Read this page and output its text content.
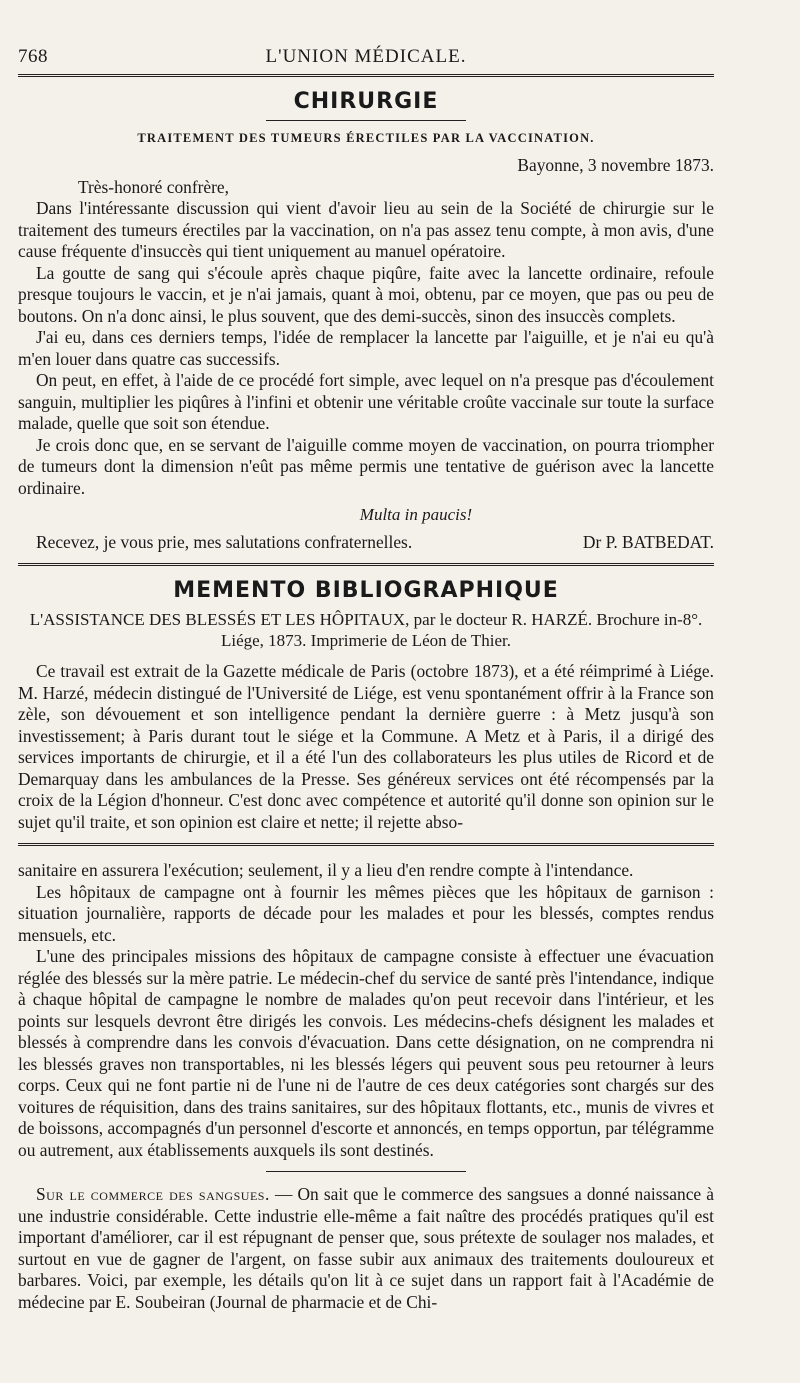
768	L'UNION MÉDICALE.
CHIRURGIE
TRAITEMENT DES TUMEURS ÉRECTILES PAR LA VACCINATION.
Bayonne, 3 novembre 1873.
Très-honoré confrère,

Dans l'intéressante discussion qui vient d'avoir lieu au sein de la Société de chirurgie sur le traitement des tumeurs érectiles par la vaccination, on n'a pas assez tenu compte, à mon avis, d'une cause fréquente d'insuccès qui tient uniquement au manuel opératoire.

La goutte de sang qui s'écoule après chaque piqûre, faite avec la lancette ordinaire, refoule presque toujours le vaccin, et je n'ai jamais, quant à moi, obtenu, par ce moyen, que pas ou peu de boutons. On n'a donc ainsi, le plus souvent, que des demi-succès, sinon des insuccès complets.

J'ai eu, dans ces derniers temps, l'idée de remplacer la lancette par l'aiguille, et je n'ai eu qu'à m'en louer dans quatre cas successifs.

On peut, en effet, à l'aide de ce procédé fort simple, avec lequel on n'a presque pas d'écoulement sanguin, multiplier les piqûres à l'infini et obtenir une véritable croûte vaccinale sur toute la surface malade, quelle que soit son étendue.

Je crois donc que, en se servant de l'aiguille comme moyen de vaccination, on pourra triompher de tumeurs dont la dimension n'eût pas même permis une tentative de guérison avec la lancette ordinaire.

Multa in paucis!
Recevez, je vous prie, mes salutations confraternelles.	Dr P. BATBEDAT.
MEMENTO BIBLIOGRAPHIQUE
L'ASSISTANCE DES BLESSÉS ET LES HÔPITAUX, par le docteur R. HARZÉ. Brochure in-8°.
Liége, 1873. Imprimerie de Léon de Thier.

Ce travail est extrait de la Gazette médicale de Paris (octobre 1873), et a été réimprimé à Liége. M. Harzé, médecin distingué de l'Université de Liége, est venu spontanément offrir à la France son zèle, son dévouement et son intelligence pendant la dernière guerre : à Metz jusqu'à son investissement; à Paris durant tout le siége et la Commune. A Metz et à Paris, il a dirigé des services importants de chirurgie, et il a été l'un des collaborateurs les plus utiles de Ricord et de Demarquay dans les ambulances de la Presse. Ses généreux services ont été récompensés par la croix de la Légion d'honneur. C'est donc avec compétence et autorité qu'il donne son opinion sur le sujet qu'il traite, et son opinion est claire et nette; il rejette abso-

sanitaire en assurera l'exécution; seulement, il y a lieu d'en rendre compte à l'intendance.

Les hôpitaux de campagne ont à fournir les mêmes pièces que les hôpitaux de garnison : situation journalière, rapports de décade pour les malades et pour les blessés, comptes rendus mensuels, etc.

L'une des principales missions des hôpitaux de campagne consiste à effectuer une évacuation réglée des blessés sur la mère patrie. Le médecin-chef du service de santé près l'intendance, indique à chaque hôpital de campagne le nombre de malades qu'on peut recevoir dans l'intérieur, et les points sur lesquels devront être dirigés les convois. Les médecins-chefs désignent les malades et blessés à comprendre dans les convois d'évacuation. Dans cette désignation, on ne comprendra ni les blessés graves non transportables, ni les blessés légers qui peuvent sous peu retourner à leurs corps. Ceux qui ne font partie ni de l'une ni de l'autre de ces deux catégories sont chargés sur des voitures de réquisition, dans des trains sanitaires, sur des hôpitaux flottants, etc., munis de vivres et de boissons, accompagnés d'un personnel d'escorte et annoncés, en temps opportun, par télégramme ou autrement, aux établissements auxquels ils sont destinés.

Sur le commerce des sangsues. — On sait que le commerce des sangsues a donné naissance à une industrie considérable. Cette industrie elle-même a fait naître des procédés pratiques qu'il est important d'améliorer, car il est répugnant de penser que, sous prétexte de soulager nos malades, et surtout en vue de gagner de l'argent, on fasse subir aux animaux des traitements douloureux et barbares. Voici, par exemple, les détails qu'on lit à ce sujet dans un rapport fait à l'Académie de médecine par E. Soubeiran (Journal de pharmacie et de Chi-
